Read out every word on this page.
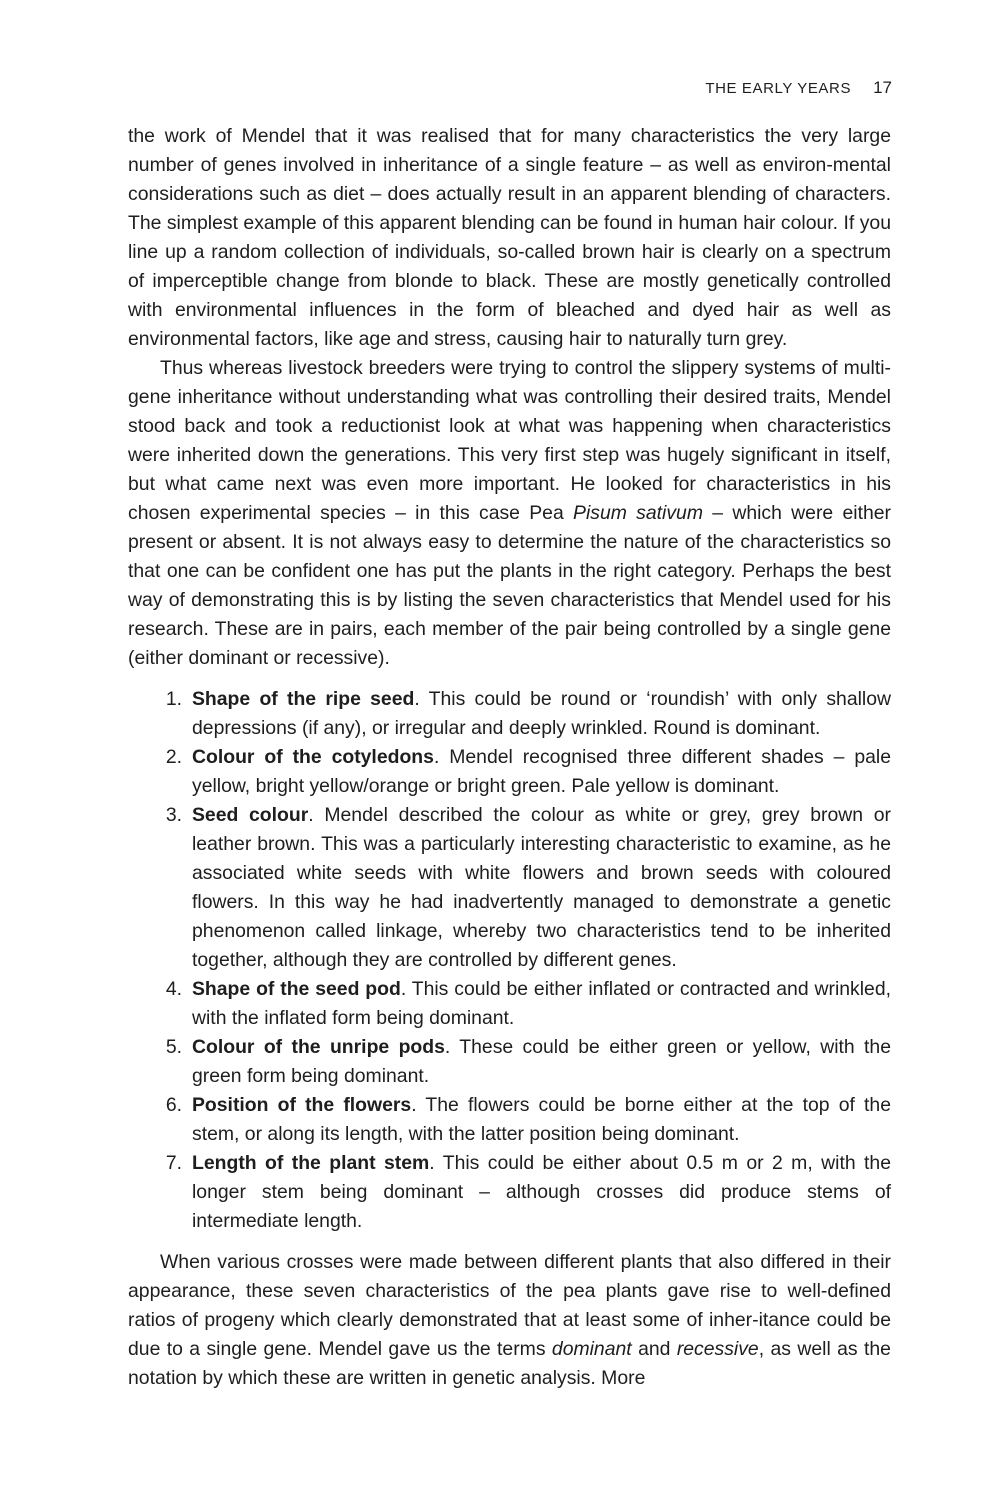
THE EARLY YEARS 17

the work of Mendel that it was realised that for many characteristics the very large number of genes involved in inheritance of a single feature – as well as environ-mental considerations such as diet – does actually result in an apparent blending of characters. The simplest example of this apparent blending can be found in human hair colour. If you line up a random collection of individuals, so-called brown hair is clearly on a spectrum of imperceptible change from blonde to black. These are mostly genetically controlled with environmental influences in the form of bleached and dyed hair as well as environmental factors, like age and stress, causing hair to naturally turn grey.

Thus whereas livestock breeders were trying to control the slippery systems of multi-gene inheritance without understanding what was controlling their desired traits, Mendel stood back and took a reductionist look at what was happening when characteristics were inherited down the generations. This very first step was hugely significant in itself, but what came next was even more important. He looked for characteristics in his chosen experimental species – in this case Pea Pisum sativum – which were either present or absent. It is not always easy to determine the nature of the characteristics so that one can be confident one has put the plants in the right category. Perhaps the best way of demonstrating this is by listing the seven characteristics that Mendel used for his research. These are in pairs, each member of the pair being controlled by a single gene (either dominant or recessive).

1. Shape of the ripe seed. This could be round or ‘roundish’ with only shallow depressions (if any), or irregular and deeply wrinkled. Round is dominant.
2. Colour of the cotyledons. Mendel recognised three different shades – pale yellow, bright yellow/orange or bright green. Pale yellow is dominant.
3. Seed colour. Mendel described the colour as white or grey, grey brown or leather brown. This was a particularly interesting characteristic to examine, as he associated white seeds with white flowers and brown seeds with coloured flowers. In this way he had inadvertently managed to demonstrate a genetic phenomenon called linkage, whereby two characteristics tend to be inherited together, although they are controlled by different genes.
4. Shape of the seed pod. This could be either inflated or contracted and wrinkled, with the inflated form being dominant.
5. Colour of the unripe pods. These could be either green or yellow, with the green form being dominant.
6. Position of the flowers. The flowers could be borne either at the top of the stem, or along its length, with the latter position being dominant.
7. Length of the plant stem. This could be either about 0.5 m or 2 m, with the longer stem being dominant – although crosses did produce stems of intermediate length.

When various crosses were made between different plants that also differed in their appearance, these seven characteristics of the pea plants gave rise to well-defined ratios of progeny which clearly demonstrated that at least some of inher-itance could be due to a single gene. Mendel gave us the terms dominant and recessive, as well as the notation by which these are written in genetic analysis. More
